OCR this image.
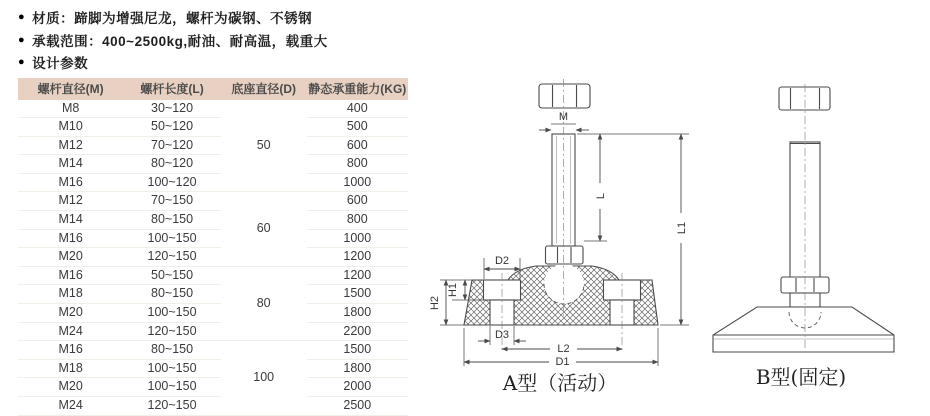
● 材质：蹄脚为增强尼龙，螺杆为碳钢、不锈钢
● 承载范围：400~2500kg,耐油、耐高温，载重大
● 设计参数
螺杆直径(M)	螺杆长度(L)	底座直径(D)	静态承重能力(KG)
M8	30~120	50	400
M10	50~120		500
M12	70~120		600
M14	80~120		800
M16	100~120		1000
M12	70~150	60	600
M14	80~150		800
M16	100~150		1000
M20	120~150		1200
M16	50~150	80	1200
M18	80~150		1500
M20	100~150		1800
M24	120~150		2200
M16	80~150	100	1500
M18	100~150		1800
M20	100~150		2000
M24	120~150		2500
M
L
L1
D2
H1
H2
D3
L2
D1
A型（活动）	B型(固定)
